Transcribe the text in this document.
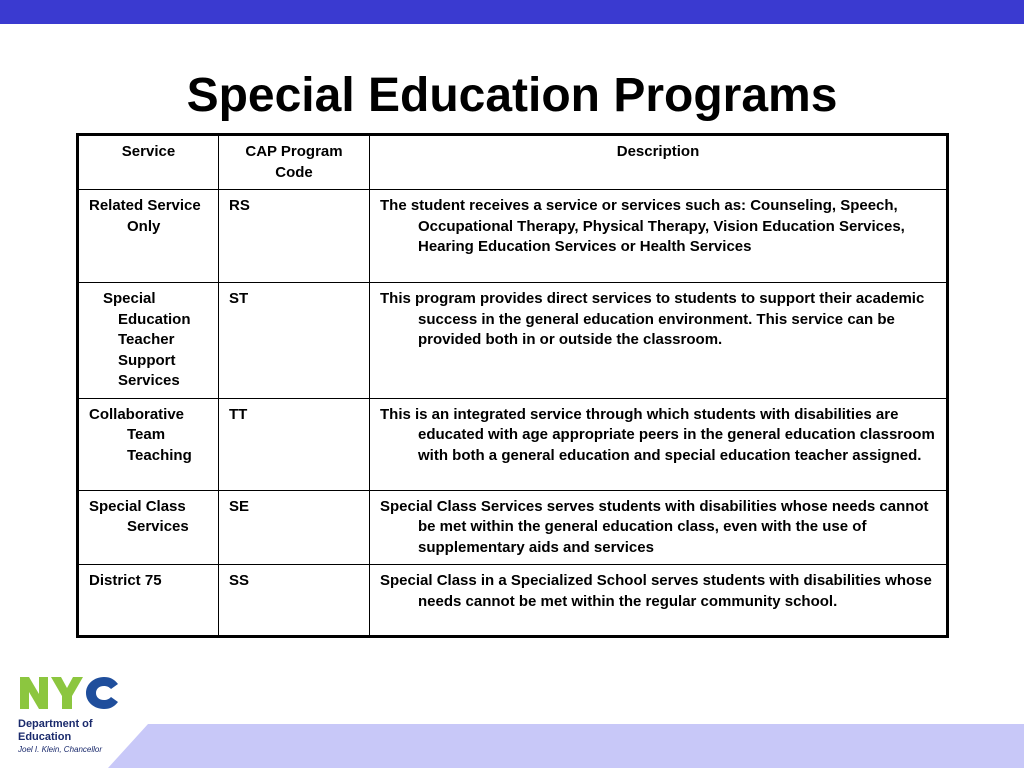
Special Education Programs
Service	CAP Program Code	Description

Related Service Only	RS	The student receives a service or services such as: Counseling, Speech, Occupational Therapy, Physical Therapy, Vision Education Services, Hearing Education Services or Health Services

Special Education Teacher Support Services	ST	This program provides direct services to students to support their academic success in the general education environment. This service can be provided both in or outside the classroom.

Collaborative Team Teaching	TT	This is an integrated service through which students with disabilities are educated with age appropriate peers in the general education classroom with both a general education and special education teacher assigned.

Special Class Services	SE	Special Class Services serves students with disabilities whose needs cannot be met within the general education class, even with the use of supplementary aids and services

District 75	SS	Special Class in a Specialized School serves students with disabilities whose needs cannot be met within the regular community school.
Department of Education
Joel I. Klein, Chancellor
